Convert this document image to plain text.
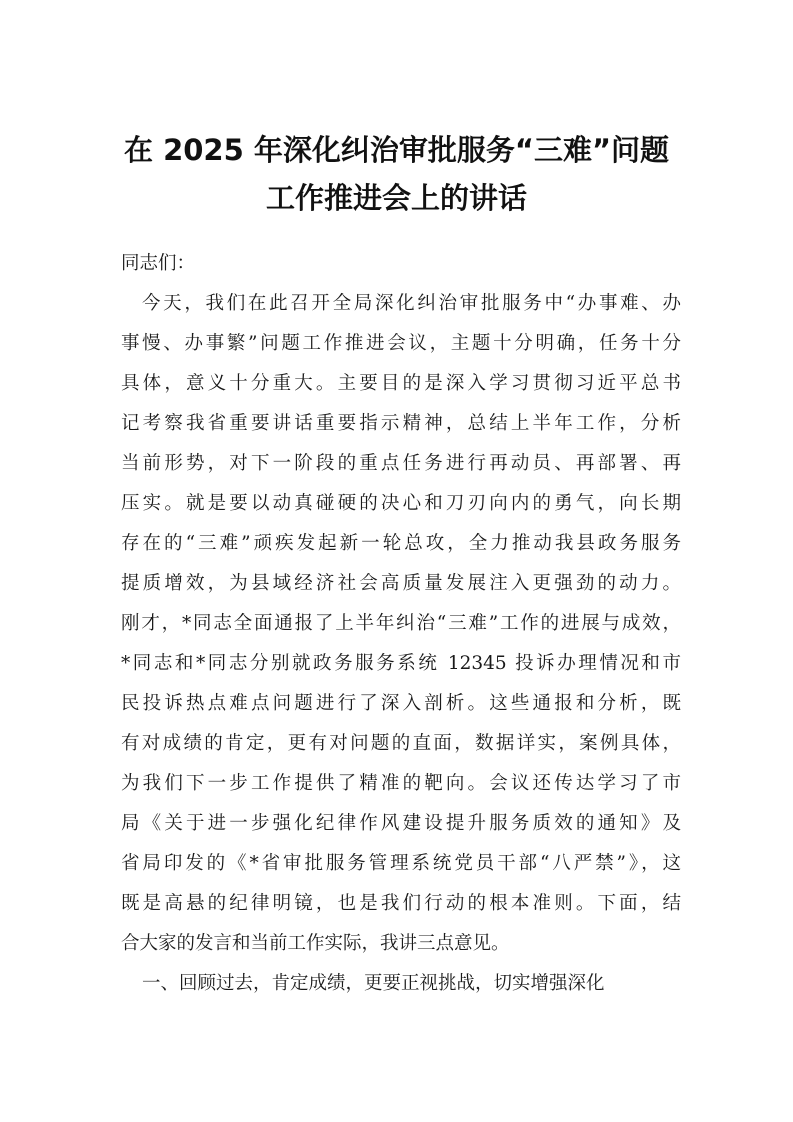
在 2025 年深化纠治审批服务“三难”问题
工作推进会上的讲话
同志们：
今天，我们在此召开全局深化纠治审批服务中“办事难、办
事慢、办事繁”问题工作推进会议，主题十分明确，任务十分
具体，意义十分重大。主要目的是深入学习贯彻习近平总书
记考察我省重要讲话重要指示精神，总结上半年工作，分析
当前形势，对下一阶段的重点任务进行再动员、再部署、再
压实。就是要以动真碰硬的决心和刀刃向内的勇气，向长期
存在的“三难”顽疾发起新一轮总攻，全力推动我县政务服务
提质增效，为县域经济社会高质量发展注入更强劲的动力。
刚才，*同志全面通报了上半年纠治“三难”工作的进展与成效，
*同志和*同志分别就政务服务系统 12345 投诉办理情况和市
民投诉热点难点问题进行了深入剖析。这些通报和分析，既
有对成绩的肯定，更有对问题的直面，数据详实，案例具体，
为我们下一步工作提供了精准的靶向。会议还传达学习了市
局《关于进一步强化纪律作风建设提升服务质效的通知》及
省局印发的《*省审批服务管理系统党员干部“八严禁”》，这
既是高悬的纪律明镜，也是我们行动的根本准则。下面，结
合大家的发言和当前工作实际，我讲三点意见。
一、回顾过去，肯定成绩，更要正视挑战，切实增强深化
